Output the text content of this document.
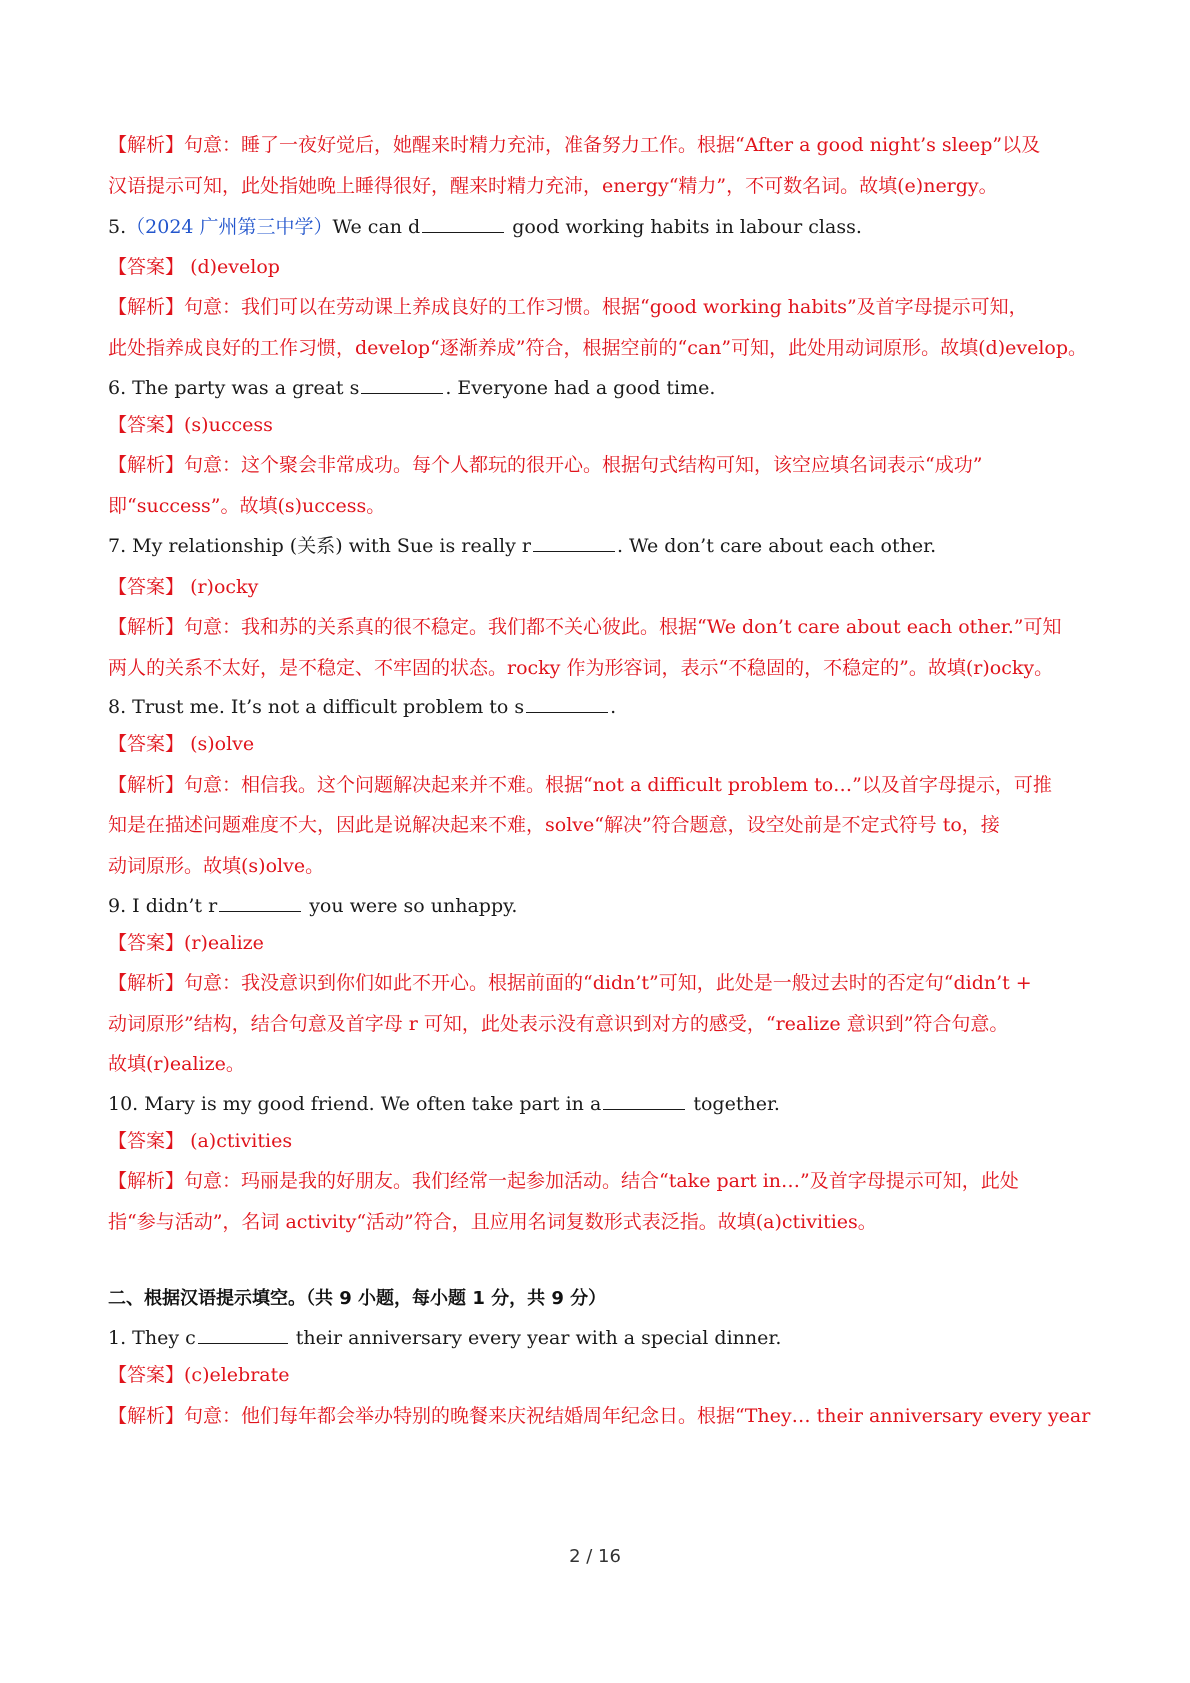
【解析】句意：睡了一夜好觉后，她醒来时精力充沛，准备努力工作。根据“After a good night’s sleep”以及
汉语提示可知，此处指她晚上睡得很好，醒来时精力充沛，energy“精力”，不可数名词。故填(e)nergy。
5.（2024 广州第三中学）We can d	good working habits in labour class.
【答案】 (d)evelop
【解析】句意：我们可以在劳动课上养成良好的工作习惯。根据“good working habits”及首字母提示可知，
此处指养成良好的工作习惯，develop“逐渐养成”符合，根据空前的“can”可知，此处用动词原形。故填(d)evelop。
6. The party was a great s	. Everyone had a good time.
【答案】(s)uccess
【解析】句意：这个聚会非常成功。每个人都玩的很开心。根据句式结构可知，该空应填名词表示“成功”
即“success”。故填(s)uccess。
7. My relationship (关系) with Sue is really r	. We don’t care about each other.
【答案】 (r)ocky
【解析】句意：我和苏的关系真的很不稳定。我们都不关心彼此。根据“We don’t care about each other.”可知
两人的关系不太好，是不稳定、不牢固的状态。rocky 作为形容词，表示“不稳固的，不稳定的”。故填(r)ocky。
8. Trust me. It’s not a difficult problem to s	.
【答案】 (s)olve
【解析】句意：相信我。这个问题解决起来并不难。根据“not a difficult problem to…”以及首字母提示，可推
知是在描述问题难度不大，因此是说解决起来不难，solve“解决”符合题意，设空处前是不定式符号 to，接
动词原形。故填(s)olve。
9. I didn’t r	you were so unhappy.
【答案】(r)ealize
【解析】句意：我没意识到你们如此不开心。根据前面的“didn’t”可知，此处是一般过去时的否定句“didn’t +
动词原形”结构，结合句意及首字母 r 可知，此处表示没有意识到对方的感受，“realize 意识到”符合句意。
故填(r)ealize。
10. Mary is my good friend. We often take part in a	together.
【答案】 (a)ctivities
【解析】句意：玛丽是我的好朋友。我们经常一起参加活动。结合“take part in…”及首字母提示可知，此处
指“参与活动”，名词 activity“活动”符合，且应用名词复数形式表泛指。故填(a)ctivities。
二、根据汉语提示填空。（共 9 小题，每小题 1 分，共 9 分）
1. They c	their anniversary every year with a special dinner.
【答案】(c)elebrate
【解析】句意：他们每年都会举办特别的晚餐来庆祝结婚周年纪念日。根据“They… their anniversary every year
2 / 16
